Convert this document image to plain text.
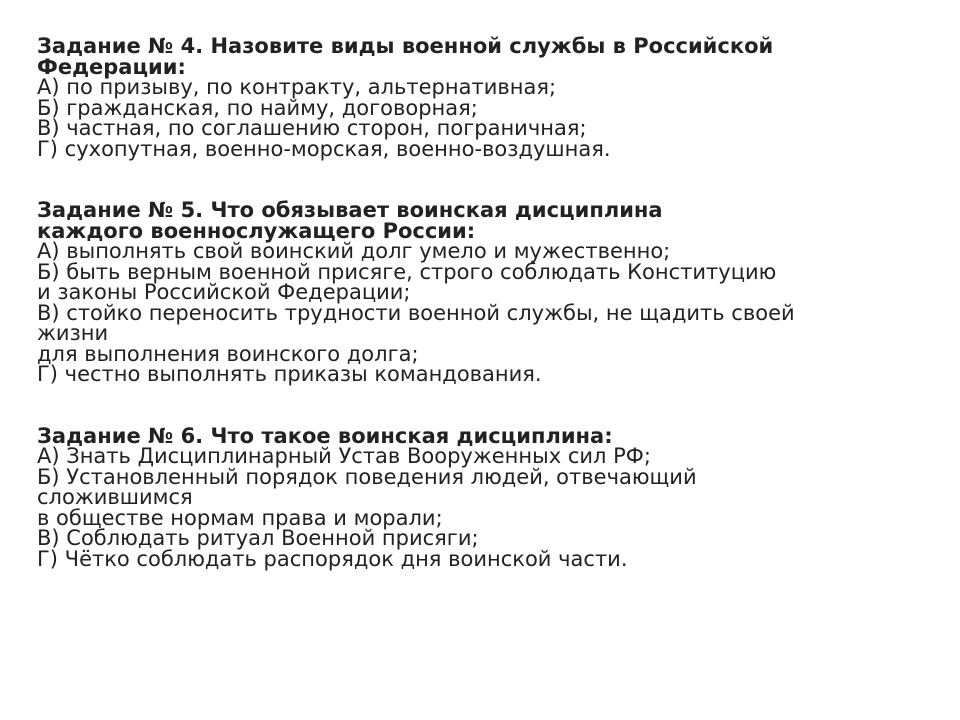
Задание № 4. Назовите виды военной службы в Российской
Федерации:
А) по призыву, по контракту, альтернативная;
Б) гражданская, по найму, договорная;
В) частная, по соглашению сторон, пограничная;
Г) сухопутная, военно-морская, военно-воздушная.
Задание № 5. Что обязывает воинская дисциплина
каждого военнослужащего России:
А) выполнять свой воинский долг умело и мужественно;
Б) быть верным военной присяге, строго соблюдать Конституцию
и законы Российской Федерации;
В) стойко переносить трудности военной службы, не щадить своей
жизни
для выполнения воинского долга;
Г) честно выполнять приказы командования.
Задание № 6. Что такое воинская дисциплина:
А) Знать Дисциплинарный Устав Вооруженных сил РФ;
Б) Установленный порядок поведения людей, отвечающий
сложившимся
в обществе нормам права и морали;
В) Соблюдать ритуал Военной присяги;
Г) Чётко соблюдать распорядок дня воинской части.
